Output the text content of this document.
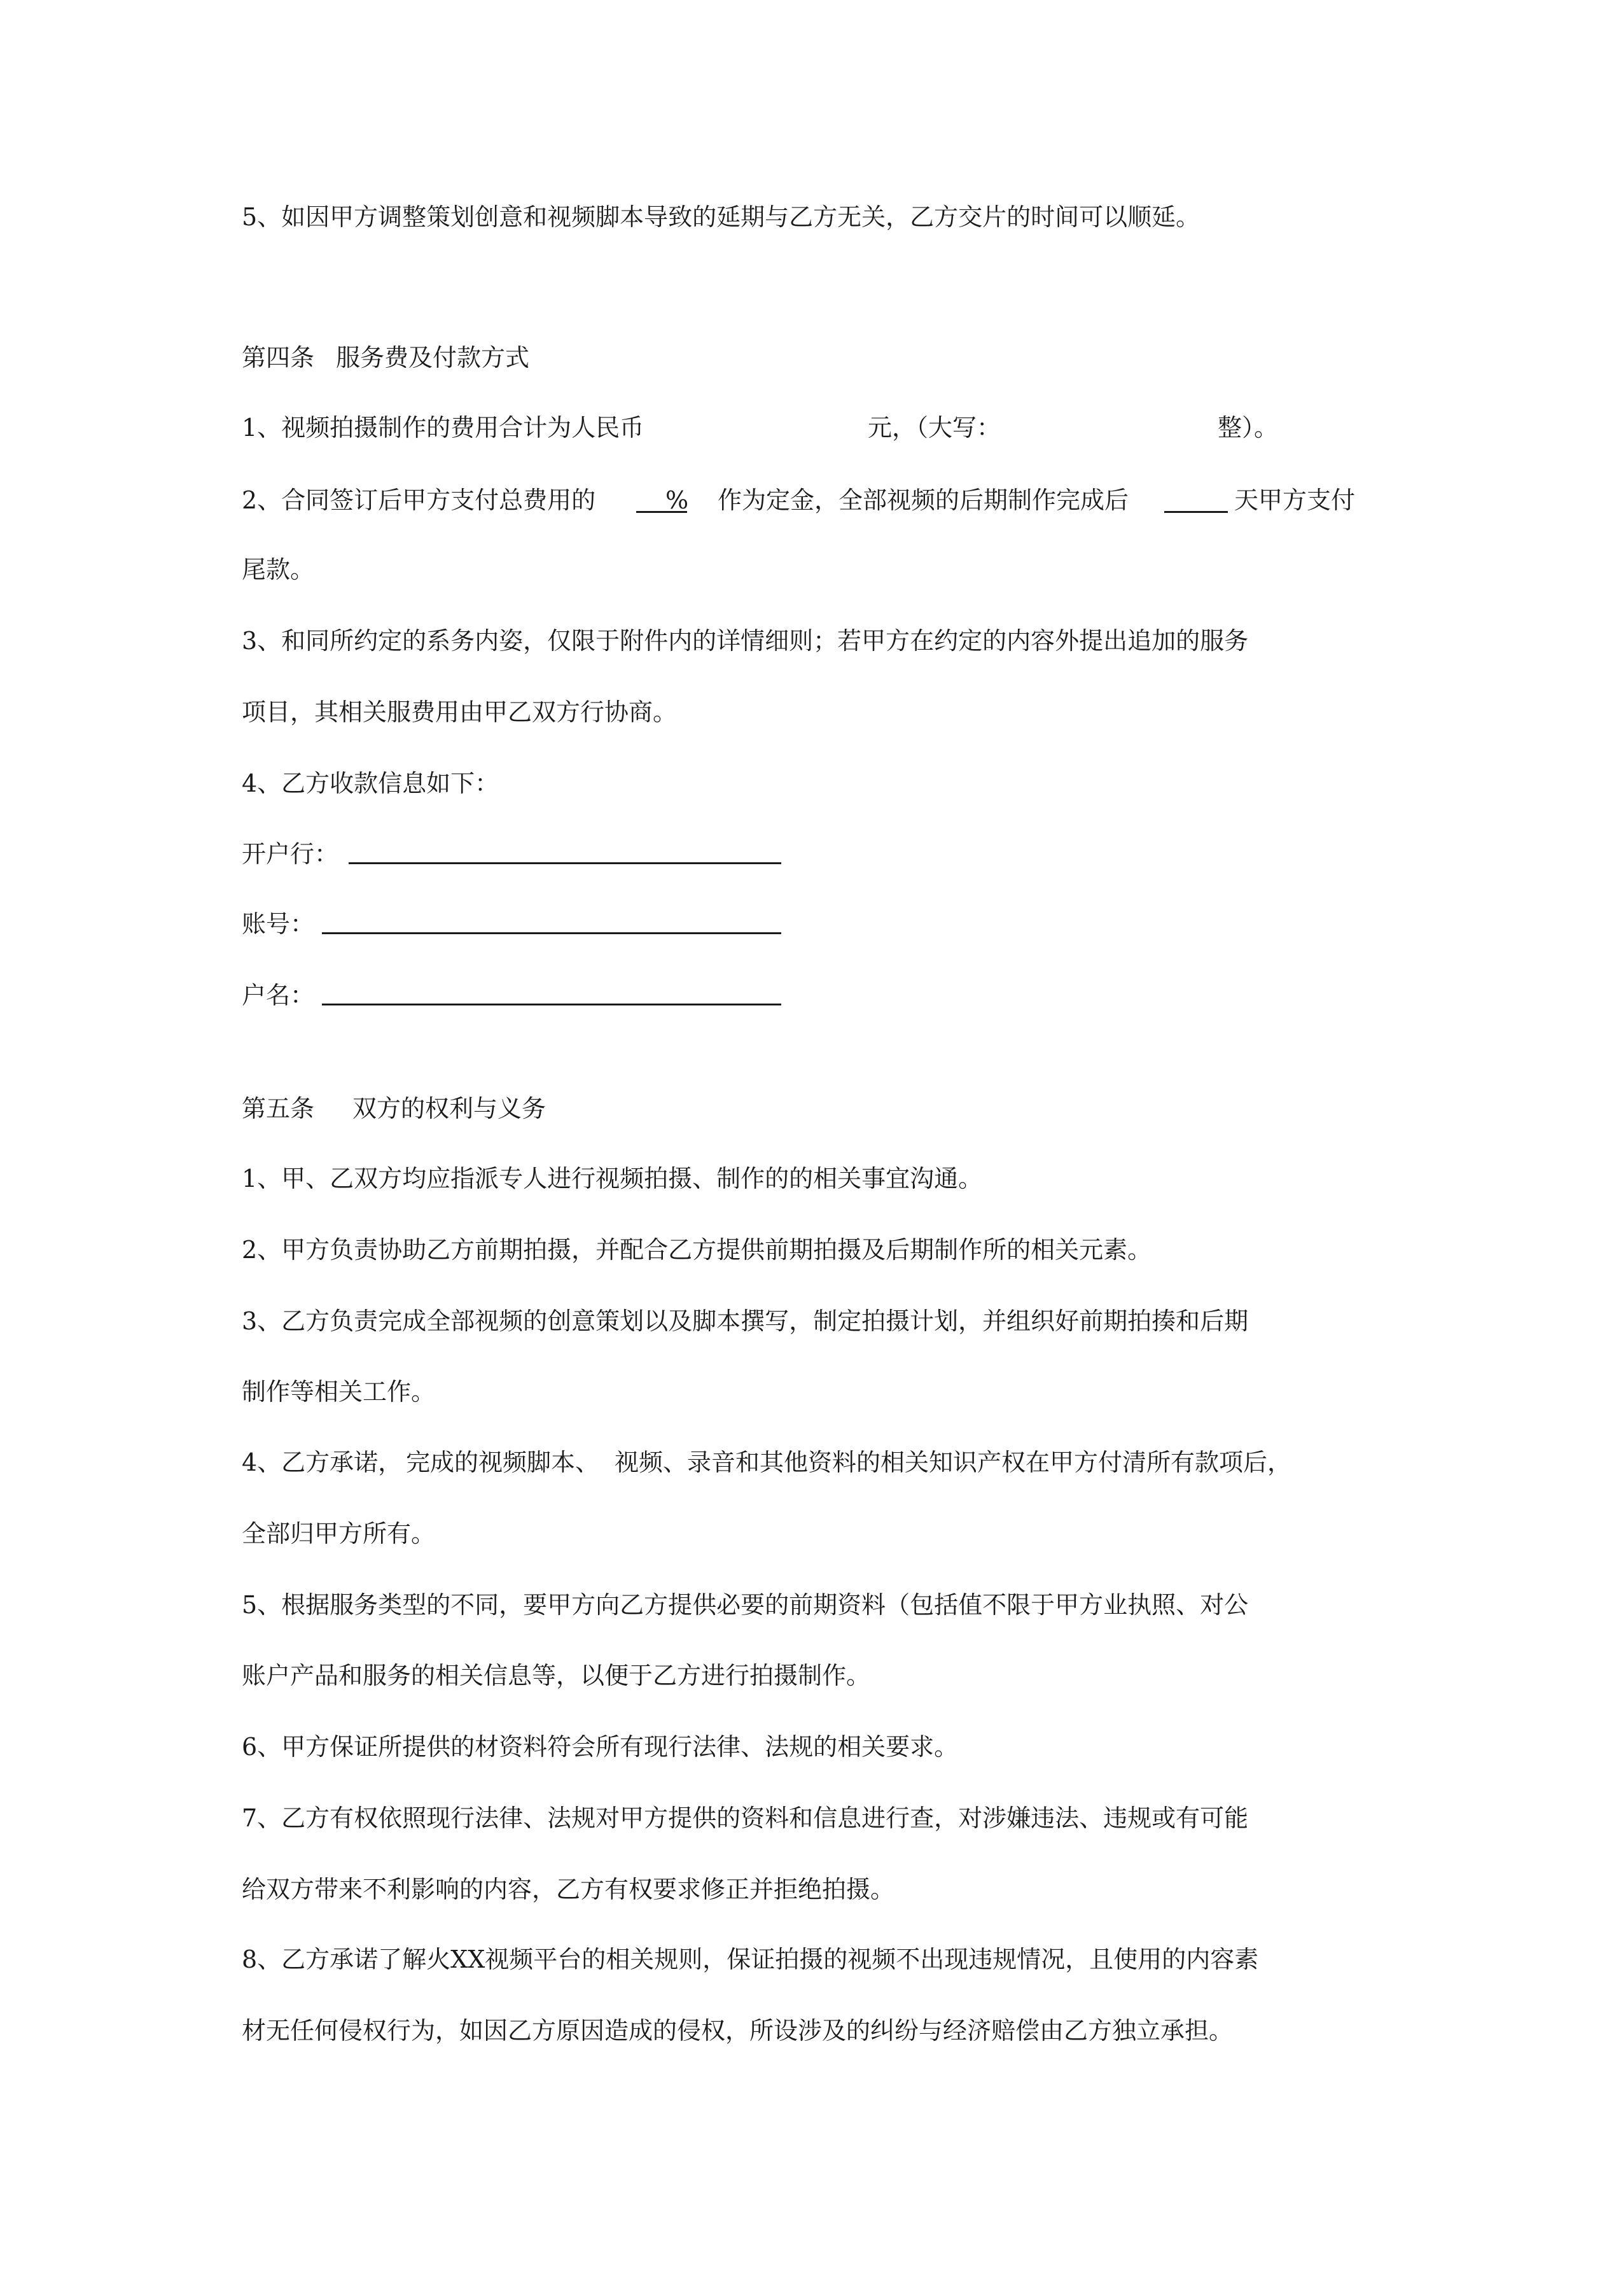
5、如因甲方调整策划创意和视频脚本导致的延期与乙方无关，乙方交片的时间可以顺延。
第四条 服务费及付款方式
1、视频拍摄制作的费用合计为人民币	元，（大写：	整）。
2、合同签订后甲方支付总费用的	% 作为定金，全部视频的后期制作完成后	天甲方支付
尾款。
3、和同所约定的系务内姿，仅限于附件内的详情细则；若甲方在约定的内容外提出追加的服务
项目，其相关服费用由甲乙双方行协商。
4、乙方收款信息如下：
开户行：
账号：
户名：
第五条 双方的权利与义务
1、甲、乙双方均应指派专人进行视频拍摄、制作的的相关事宜沟通。
2、甲方负责协助乙方前期拍摄，并配合乙方提供前期拍摄及后期制作所的相关元素。
3、乙方负责完成全部视频的创意策划以及脚本撰写，制定拍摄计划，并组织好前期拍揍和后期
制作等相关工作。
4、乙方承诺， 完成的视频脚本、 视频、录音和其他资料的相关知识产权在甲方付清所有款项后，
全部归甲方所有。
5、根据服务类型的不同，要甲方向乙方提供必要的前期资料（包括值不限于甲方业执照、对公
账户产品和服务的相关信息等，以便于乙方进行拍摄制作。
6、甲方保证所提供的材资料符会所有现行法律、法规的相关要求。
7、乙方有权依照现行法律、法规对甲方提供的资料和信息进行查，对涉嫌违法、违规或有可能
给双方带来不利影响的内容，乙方有权要求修正并拒绝拍摄。
8、乙方承诺了解火XX视频平台的相关规则，保证拍摄的视频不出现违规情况，且使用的内容素
材无任何侵权行为，如因乙方原因造成的侵权，所设涉及的纠纷与经济赔偿由乙方独立承担。
